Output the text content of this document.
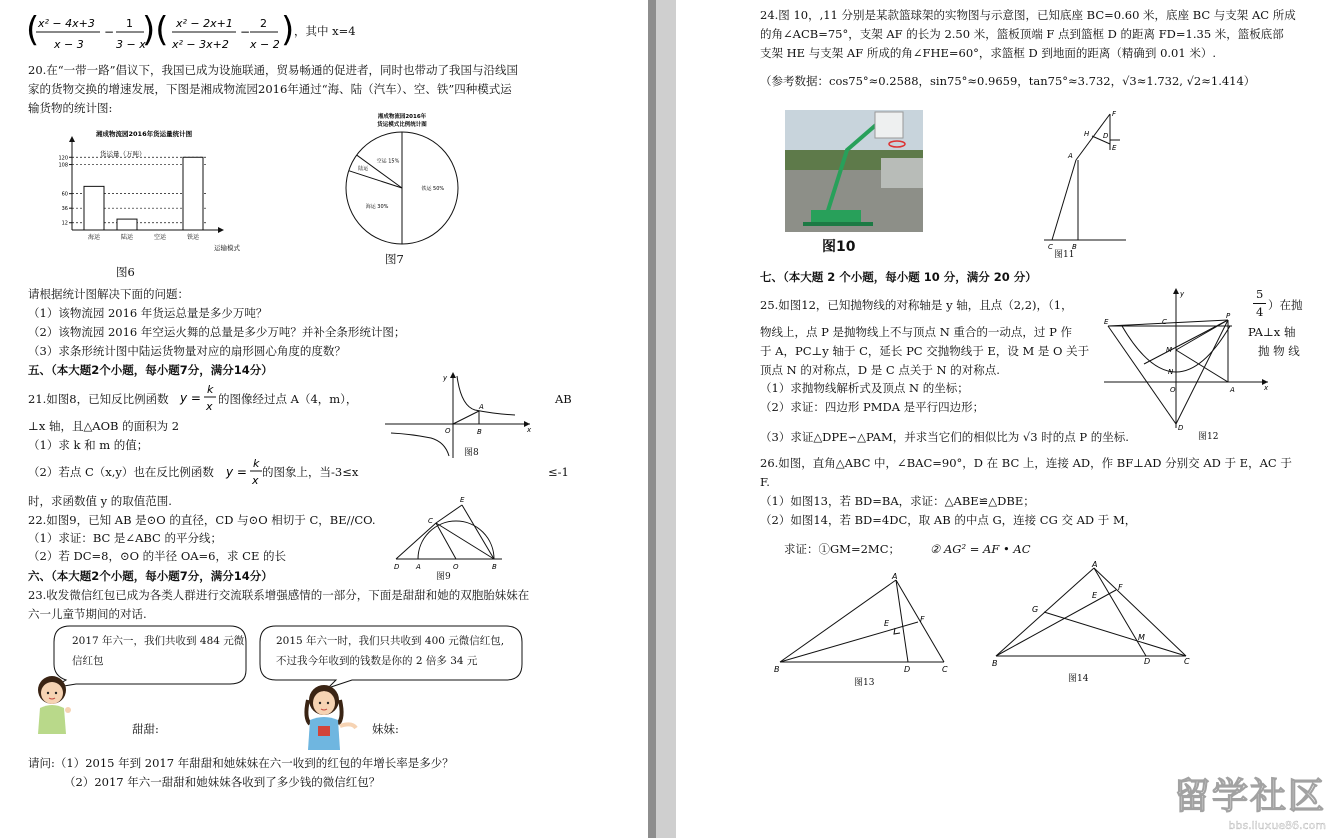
(
x² − 4x+3
x − 3
−
1
3 − x
)( x² − 2x+1
x² − 3x+2
−
2
x − 2 ) ，其中 x=4
20.在“一带一路”倡议下，我国已成为设施联通，贸易畅通的促进者，同时也带动了我国与沿线国
家的货物交换的增速发展，下图是湘成物流园2016年通过“海、陆（汽车）、空、铁”四种模式运
输货物的统计图:
湘成物流园2016年货运量统计图
货运量（万吨）
运输模式
12
36
60
108
120
海运	陆运	空运	铁运
图6
湘成物流园2016年
货运模式比例统计图
铁运 50%
海运 30%
陆运
空运 15%
图7
请根据统计图解决下面的问题：
（1）该物流园 2016 年货运总量是多少万吨？
（2）该物流园 2016 年空运火舞的总量是多少万吨？并补全条形统计图；
（3）求条形统计图中陆运货物量对应的扇形圆心角度的度数？
五、（本大题2个小题，每小题7分，满分14分）
21.如图8，已知反比例函数 y =
k
x
的图像经过点 A（4，m），	AB
⊥x 轴，且△AOB 的面积为 2
（1）求 k 和 m 的值；
（2）若点 C（x,y）也在反比例函数 y =
k
x
的图象上，当-3≤x	≤-1
时，求函数值 y 的取值范围.
x
y
A
O	B
图8
22.如图9，已知 AB 是⊙O 的直径，CD 与⊙O 相切于 C，BE//CO.
（1）求证：BC 是∠ABC 的平分线；
（2）若 DC=8，⊙O 的半径 OA=6，求 CE 的长
E
C
D A	O	B
图9
六、（本大题2个小题，每小题7分，满分14分）
23.收发微信红包已成为各类人群进行交流联系增强感情的一部分，下面是甜甜和她的双胞胎妹妹在
六一儿童节期间的对话.
2017 年六一，我们共收到 484 元微
信红包
2015 年六一时，我们只共收到 400 元微信红包,
不过我今年收到的钱数是你的 2 倍多 34 元
甜甜:	妹妹:
请问:（1）2015 年到 2017 年甜甜和她妹妹在六一收到的红包的年增长率是多少？
（2）2017 年六一甜甜和她妹妹各收到了多少钱的微信红包？
24.图 10，,11 分别是某款篮球架的实物图与示意图，已知底座 BC=0.60 米，底座 BC 与支架 AC 所成
的角∠ACB=75°，支架 AF 的长为 2.50 米，篮板顶端 F 点到篮框 D 的距离 FD=1.35 米，篮板底部
支架 HE 与支架 AF 所成的角∠FHE=60°，求篮框 D 到地面的距离（精确到 0.01 米）.
（参考数据：cos75°≈0.2588，sin75°≈0.9659，tan75°≈3.732，√3≈1.732, √2≈1.414）
图10
F
D
H
E
A
C	B
图11
七、（本大题 2 个小题，每小题 10 分，满分 20 分）
25.如图12，已知抛物线的对称轴是 y 轴，且点（2,2)，（1，
5
4 ）在抛
物线上，点 P 是抛物线上不与顶点 N 重合的一动点，过 P 作	PA⊥x 轴
于 A，PC⊥y 轴于 C，延长 PC 交抛物线于 E，设 M 是 O 关于	抛 物 线
顶点 N 的对称点，D 是 C 点关于 N 的对称点.
（1）求抛物线解析式及顶点 N 的坐标；
（2）求证：四边形 PMDA 是平行四边形；
（3）求证△DPE∽△PAM，并求当它们的相似比为 √3 时的点 P 的坐标.
x
y
C
P
E
M
N
O	A
D
图12
26.如图，直角△ABC 中，∠BAC=90°，D 在 BC 上，连接 AD，作 BF⊥AD 分别交 AD 于 E，AC 于
F.
（1）如图13，若 BD=BA，求证：△ABE≌△DBE；
（2）如图14，若 BD=4DC，取 AB 的中点 G，连接 CG 交 AD 于 M，
求证：①GM=2MC；	② AG² = AF • AC
A
B	D	C
E	F
图13
A
B	D	C
G
E
F
M
图14
留学社区
bbs.liuxue86.com
